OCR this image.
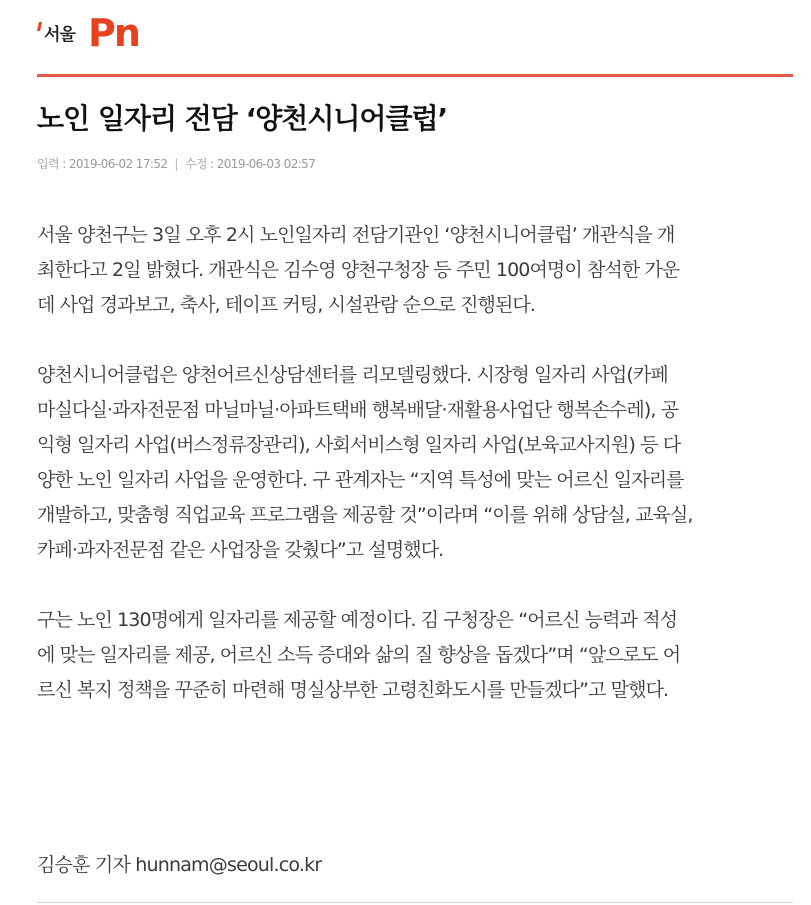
서울 Pn
노인 일자리 전담 ‘양천시니어클럽’
입력 : 2019-06-02 17:52 | 수정 : 2019-06-03 02:57

서울 양천구는 3일 오후 2시 노인일자리 전담기관인 ‘양천시니어클럽’ 개관식을 개
최한다고 2일 밝혔다. 개관식은 김수영 양천구청장 등 주민 100여명이 참석한 가운
데 사업 경과보고, 축사, 테이프 커팅, 시설관람 순으로 진행된다.

양천시니어클럽은 양천어르신상담센터를 리모델링했다. 시장형 일자리 사업(카페
마실다실·과자전문점 마닐마닐·아파트택배 행복배달·재활용사업단 행복손수레), 공
익형 일자리 사업(버스정류장관리), 사회서비스형 일자리 사업(보육교사지원) 등 다
양한 노인 일자리 사업을 운영한다. 구 관계자는 “지역 특성에 맞는 어르신 일자리를
개발하고, 맞춤형 직업교육 프로그램을 제공할 것”이라며 “이를 위해 상담실, 교육실,
카페·과자전문점 같은 사업장을 갖췄다”고 설명했다.

구는 노인 130명에게 일자리를 제공할 예정이다. 김 구청장은 “어르신 능력과 적성
에 맞는 일자리를 제공, 어르신 소득 증대와 삶의 질 향상을 돕겠다”며 “앞으로도 어
르신 복지 정책을 꾸준히 마련해 명실상부한 고령친화도시를 만들겠다”고 말했다.

김승훈 기자 hunnam@seoul.co.kr
